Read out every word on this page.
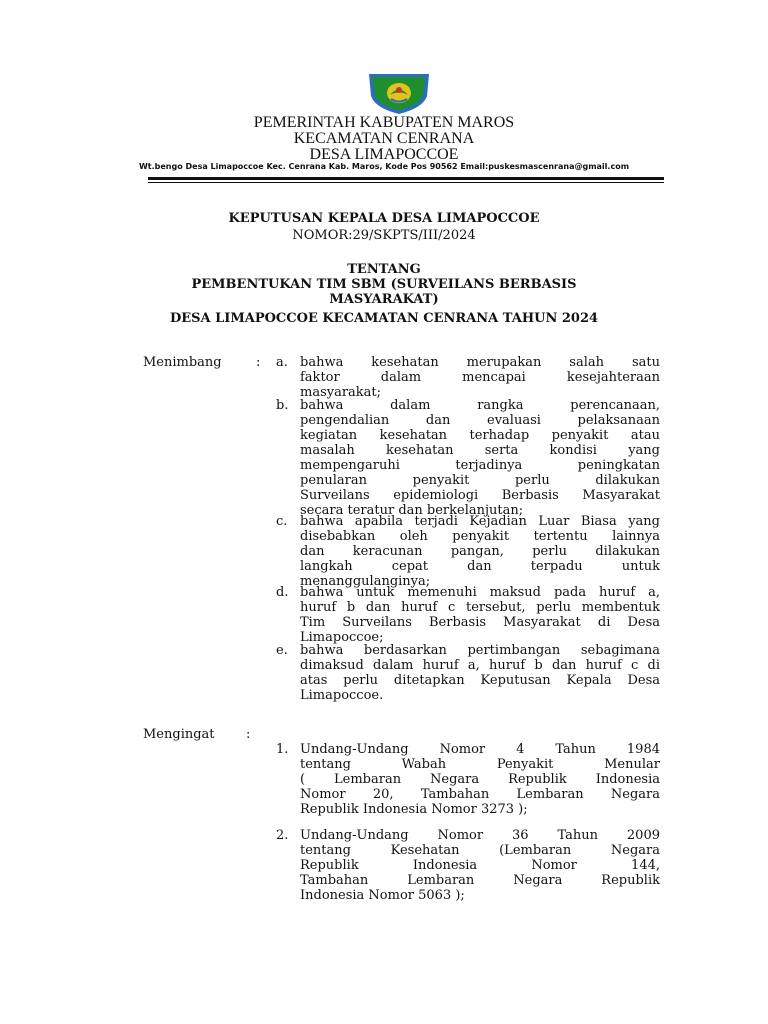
PEMERINTAH KABUPATEN MAROS
KECAMATAN CENRANA
DESA LIMAPOCCOE
Wt.bengo Desa Limapoccoe Kec. Cenrana Kab. Maros, Kode Pos 90562 Email:puskesmascenrana@gmail.com
KEPUTUSAN KEPALA DESA LIMAPOCCOE
NOMOR:29/SKPTS/III/2024
TENTANG
PEMBENTUKAN TIM SBM (SURVEILANS BERBASIS
MASYARAKAT)
DESA LIMAPOCCOE KECAMATAN CENRANA TAHUN 2024
Menimbang	: a. bahwa kesehatan merupakan salah satu
faktor dalam mencapai kesejahteraan
masyarakat;
b. bahwa dalam rangka perencanaan,
pengendalian dan evaluasi pelaksanaan
kegiatan kesehatan terhadap penyakit atau
masalah kesehatan serta kondisi yang
mempengaruhi terjadinya peningkatan
penularan penyakit perlu dilakukan
Surveilans epidemiologi Berbasis Masyarakat
secara teratur dan berkelanjutan;
c. bahwa apabila terjadi Kejadian Luar Biasa yang
disebabkan oleh penyakit tertentu lainnya
dan keracunan pangan, perlu dilakukan
langkah cepat dan terpadu untuk
menanggulanginya;
d. bahwa untuk memenuhi maksud pada huruf a,
huruf b dan huruf c tersebut, perlu membentuk
Tim Surveilans Berbasis Masyarakat di Desa
Limapoccoe;
e. bahwa berdasarkan pertimbangan sebagimana
dimaksud dalam huruf a, huruf b dan huruf c di
atas perlu ditetapkan Keputusan Kepala Desa
Limapoccoe.
Mengingat :
1. Undang-Undang Nomor 4 Tahun 1984
tentang Wabah Penyakit Menular
( Lembaran Negara Republik Indonesia
Nomor 20, Tambahan Lembaran Negara
Republik Indonesia Nomor 3273 );
2. Undang-Undang Nomor 36 Tahun 2009
tentang Kesehatan (Lembaran Negara
Republik Indonesia Nomor 144,
Tambahan Lembaran Negara Republik
Indonesia Nomor 5063 );
